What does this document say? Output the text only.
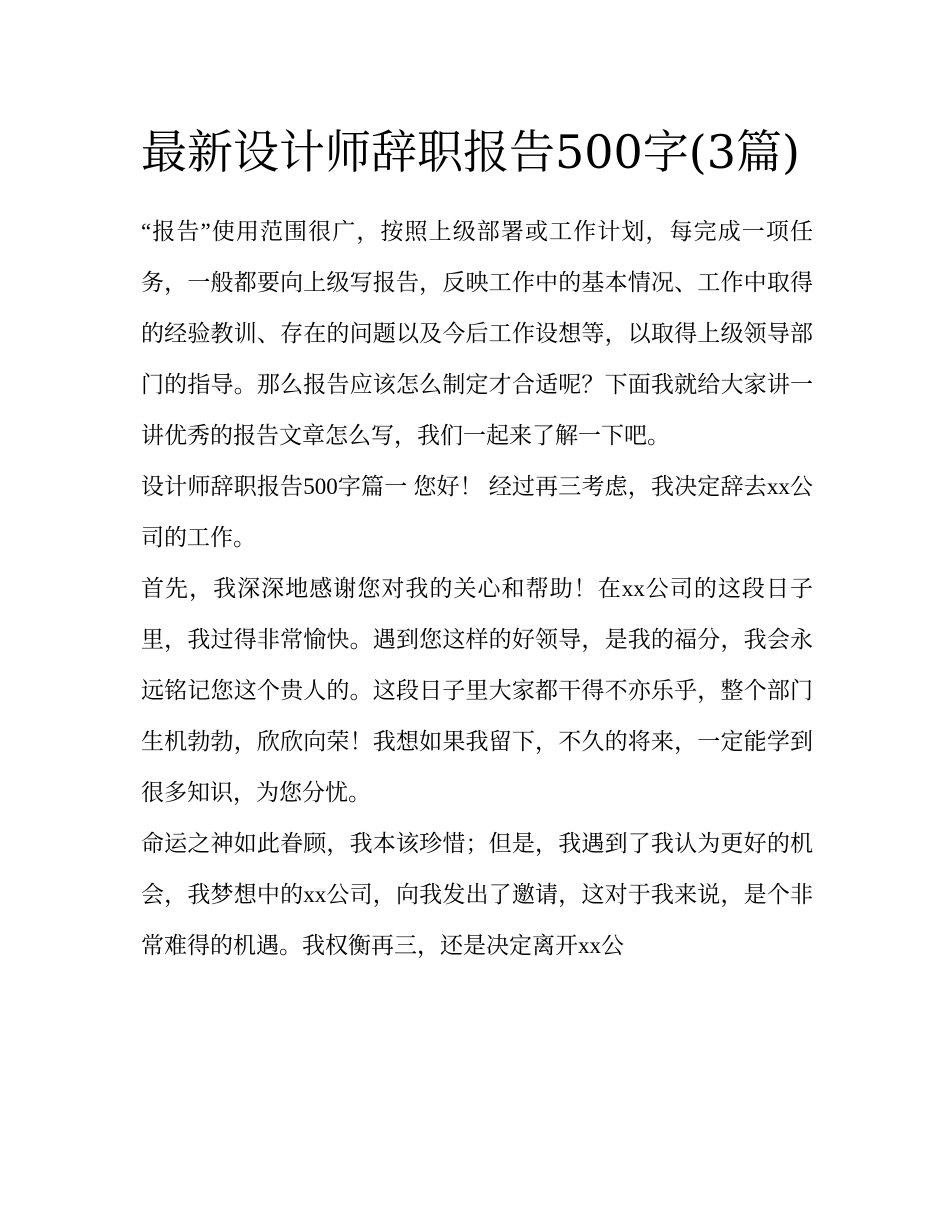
最新设计师辞职报告500字(3篇)

“报告”使用范围很广，按照上级部署或工作计划，每完成一项任务，一般都要向上级写报告，反映工作中的基本情况、工作中取得的经验教训、存在的问题以及今后工作设想等，以取得上级领导部门的指导。那么报告应该怎么制定才合适呢？下面我就给大家讲一讲优秀的报告文章怎么写，我们一起来了解一下吧。

设计师辞职报告500字篇一 您好！ 经过再三考虑，我决定辞去xx公司的工作。

首先，我深深地感谢您对我的关心和帮助！在xx公司的这段日子里，我过得非常愉快。遇到您这样的好领导，是我的福分，我会永远铭记您这个贵人的。这段日子里大家都干得不亦乐乎，整个部门生机勃勃，欣欣向荣！我想如果我留下，不久的将来，一定能学到很多知识，为您分忧。

命运之神如此眷顾，我本该珍惜；但是，我遇到了我认为更好的机会，我梦想中的xx公司，向我发出了邀请，这对于我来说，是个非常难得的机遇。我权衡再三，还是决定离开xx公
